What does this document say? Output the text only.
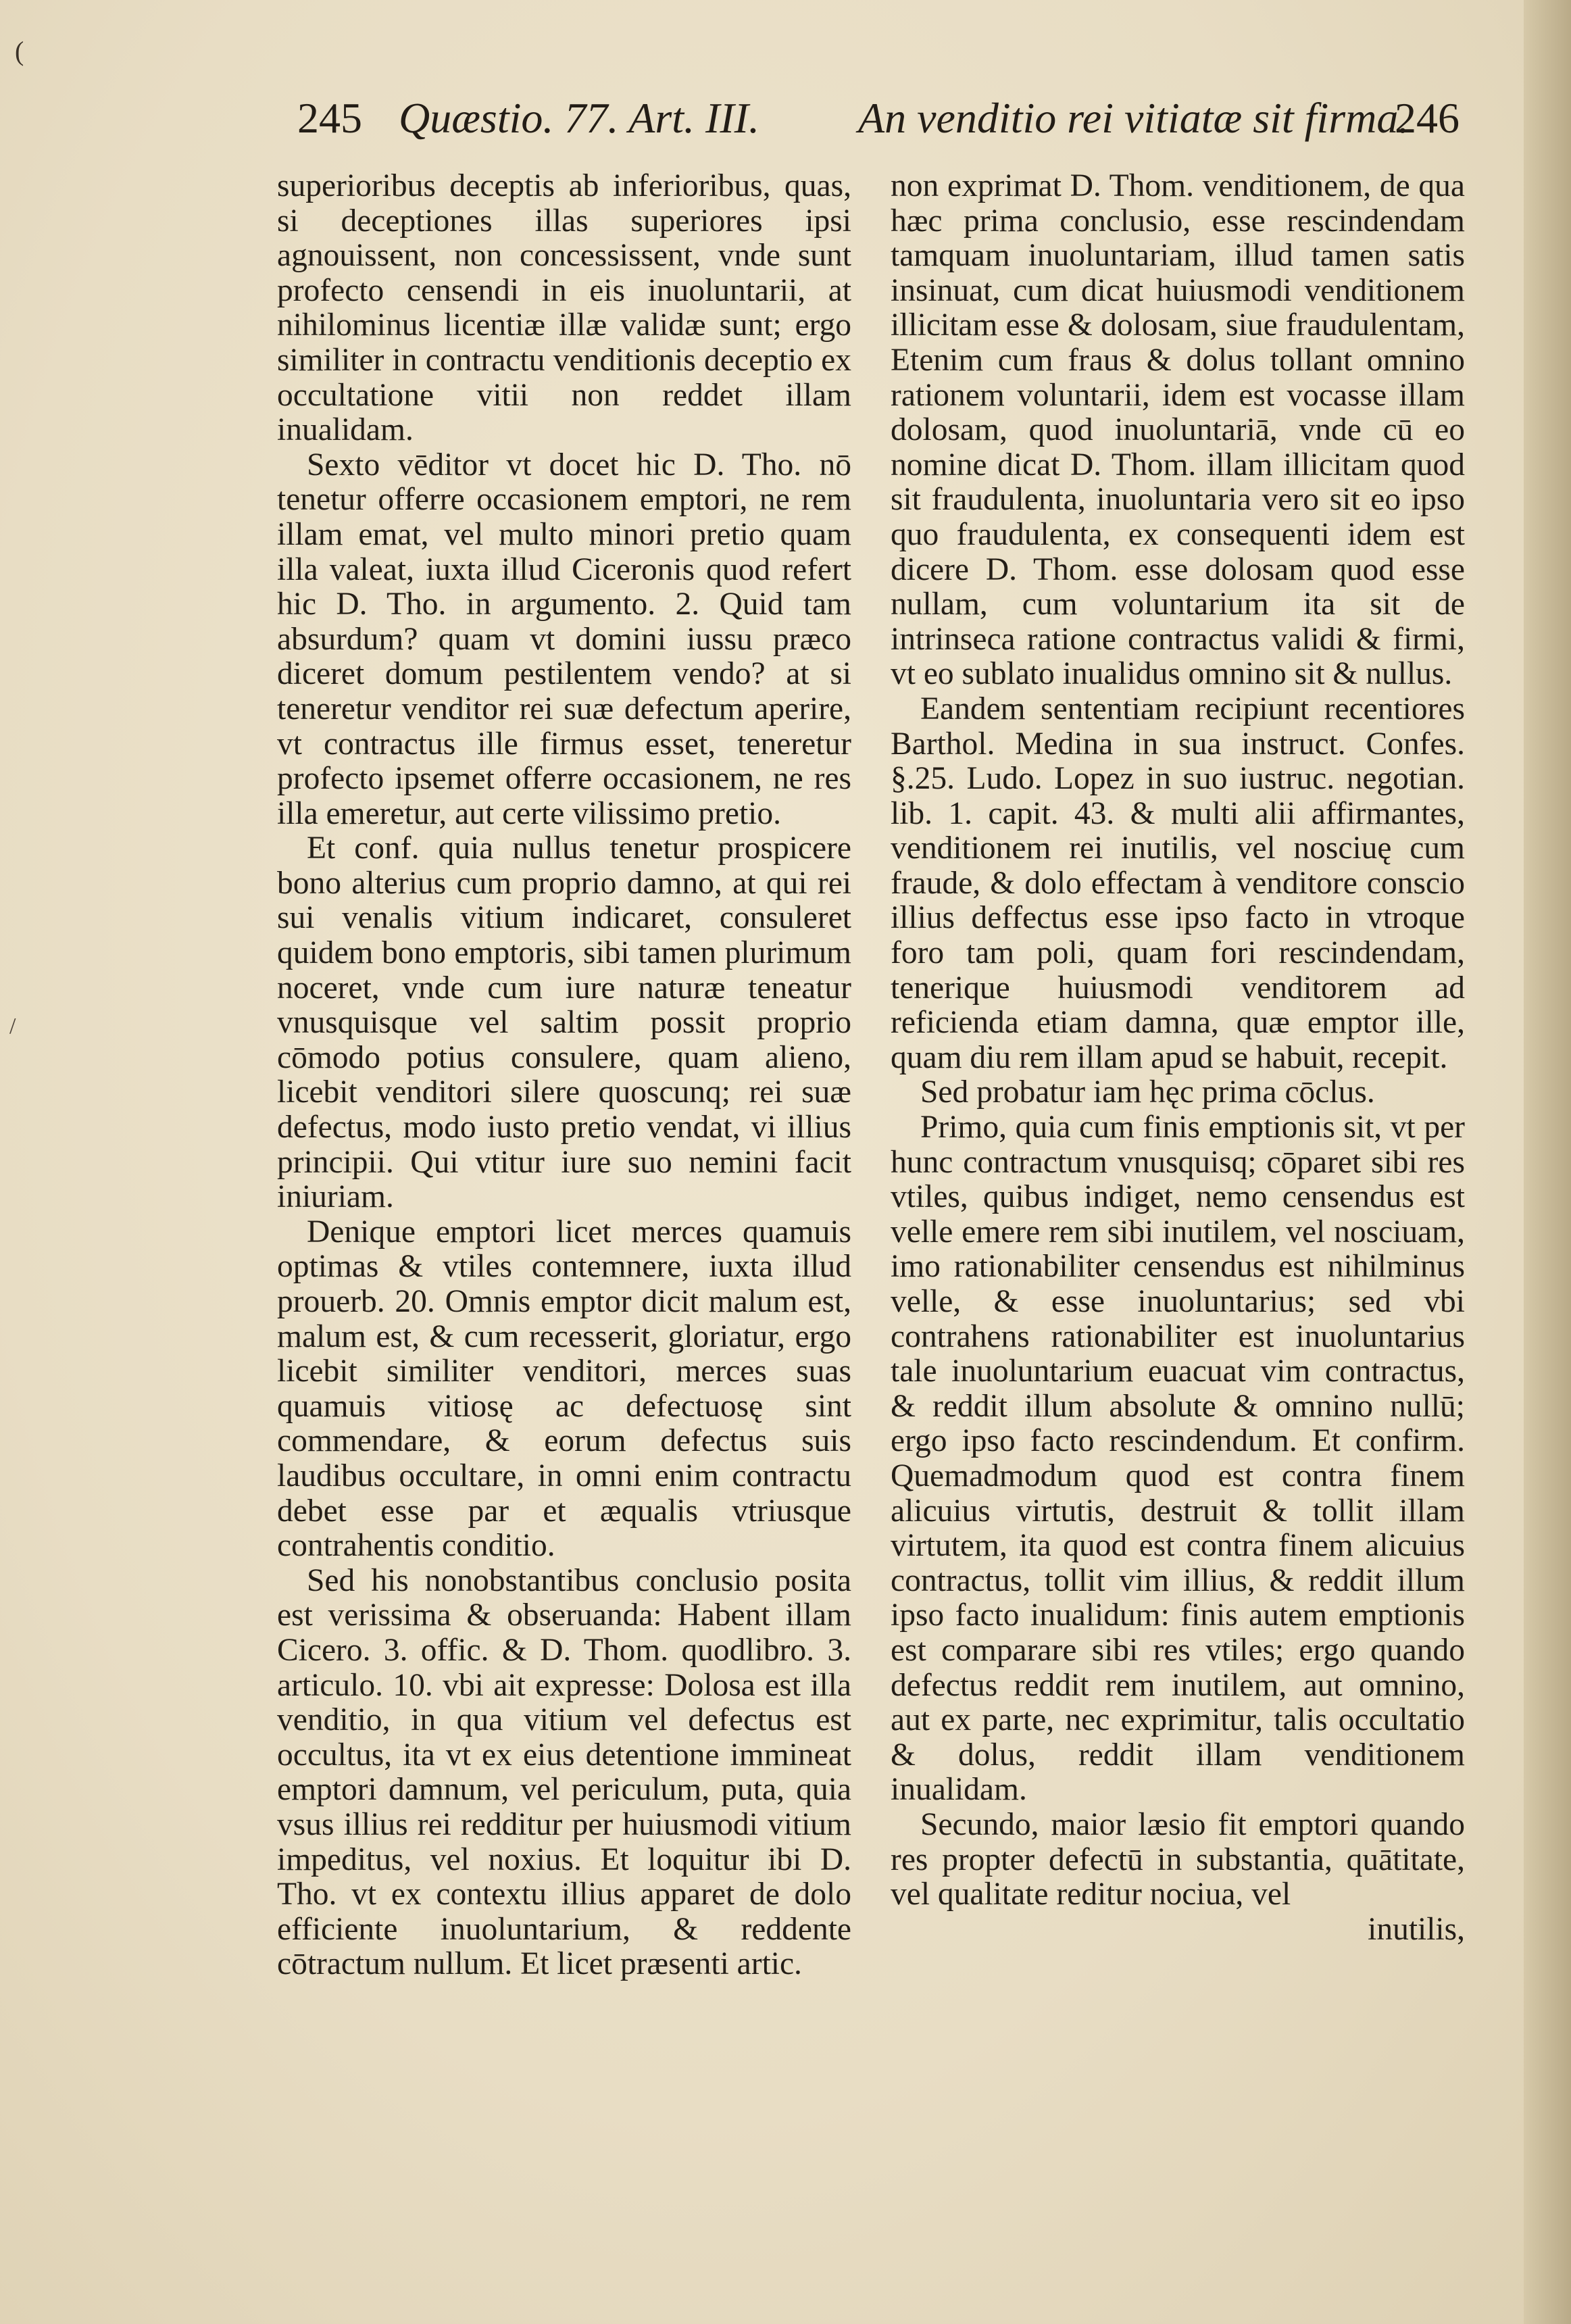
(
/
245 Quæstio. 77. Art. III. An venditio rei vitiatæ sit firma.
246

superioribus deceptis ab inferioribus, quas, si deceptiones illas superiores ipsi agnouissent, non concessissent, vnde sunt profecto censendi in eis inuoluntarii, at nihilominus licentiæ illæ validæ sunt; ergo similiter in contractu venditionis deceptio ex occultatione vitii non reddet illam inualidam.

Sexto vēditor vt docet hic D. Tho. nō tenetur offerre occasionem emptori, ne rem illam emat, vel multo minori pretio quam illa valeat, iuxta illud Ciceronis quod refert hic D. Tho. in argumento. 2. Quid tam absurdum? quam vt domini iussu præco diceret domum pestilentem vendo? at si teneretur venditor rei suæ defectum aperire, vt contractus ille firmus esset, teneretur profecto ipsemet offerre occasionem, ne res illa emeretur, aut certe vilissimo pretio.

Et conf. quia nullus tenetur prospicere bono alterius cum proprio damno, at qui rei sui venalis vitium indicaret, consuleret quidem bono emptoris, sibi tamen plurimum noceret, vnde cum iure naturæ teneatur vnusquisque vel saltim possit proprio cōmodo potius consulere, quam alieno, licebit venditori silere quoscunq; rei suæ defectus, modo iusto pretio vendat, vi illius principii. Qui vtitur iure suo nemini facit iniuriam.

Denique emptori licet merces quamuis optimas & vtiles contemnere, iuxta illud prouerb. 20. Omnis emptor dicit malum est, malum est, & cum recesserit, gloriatur, ergo licebit similiter venditori, merces suas quamuis vitiosę ac defectuosę sint commendare, & eorum defectus suis laudibus occultare, in omni enim contractu debet esse par et æqualis vtriusque contrahentis conditio.

Sed his nonobstantibus conclusio posita est verissima & obseruanda: Habent illam Cicero. 3. offic. & D. Thom. quodlibro. 3. articulo. 10. vbi ait expresse: Dolosa est illa venditio, in qua vitium vel defectus est occultus, ita vt ex eius detentione immineat emptori damnum, vel periculum, puta, quia vsus illius rei redditur per huiusmodi vitium impeditus, vel noxius. Et loquitur ibi D. Tho. vt ex contextu illius apparet de dolo efficiente inuoluntarium, & reddente cōtractum nullum. Et licet præsenti artic.

non exprimat D. Thom. venditionem, de qua hæc prima conclusio, esse rescindendam tamquam inuoluntariam, illud tamen satis insinuat, cum dicat huiusmodi venditionem illicitam esse & dolosam, siue fraudulentam, Etenim cum fraus & dolus tollant omnino rationem voluntarii, idem est vocasse illam dolosam, quod inuoluntariā, vnde cū eo nomine dicat D. Thom. illam illicitam quod sit fraudulenta, inuoluntaria vero sit eo ipso quo fraudulenta, ex consequenti idem est dicere D. Thom. esse dolosam quod esse nullam, cum voluntarium ita sit de intrinseca ratione contractus validi & firmi, vt eo sublato inualidus omnino sit & nullus.

Eandem sententiam recipiunt recentiores Barthol. Medina in sua instruct. Confes. §.25. Ludo. Lopez in suo iustruc. negotian. lib. 1. capit. 43. & multi alii affirmantes, venditionem rei inutilis, vel nosciuę cum fraude, & dolo effectam à venditore conscio illius deffectus esse ipso facto in vtroque foro tam poli, quam fori rescindendam, tenerique huiusmodi venditorem ad reficienda etiam damna, quæ emptor ille, quam diu rem illam apud se habuit, recepit.

Sed probatur iam hęc prima cōclus.

Primo, quia cum finis emptionis sit, vt per hunc contractum vnusquisq; cōparet sibi res vtiles, quibus indiget, nemo censendus est velle emere rem sibi inutilem, vel nosciuam, imo rationabiliter censendus est nihilminus velle, & esse inuoluntarius; sed vbi contrahens rationabiliter est inuoluntarius tale inuoluntarium euacuat vim contractus, & reddit illum absolute & omnino nullū; ergo ipso facto rescindendum. Et confirm. Quemadmodum quod est contra finem alicuius virtutis, destruit & tollit illam virtutem, ita quod est contra finem alicuius contractus, tollit vim illius, & reddit illum ipso facto inualidum: finis autem emptionis est comparare sibi res vtiles; ergo quando defectus reddit rem inutilem, aut omnino, aut ex parte, nec exprimitur, talis occultatio & dolus, reddit illam venditionem inualidam.

Secundo, maior læsio fit emptori quando res propter defectū in substantia, quātitate, vel qualitate reditur nociua, vel

inutilis,
